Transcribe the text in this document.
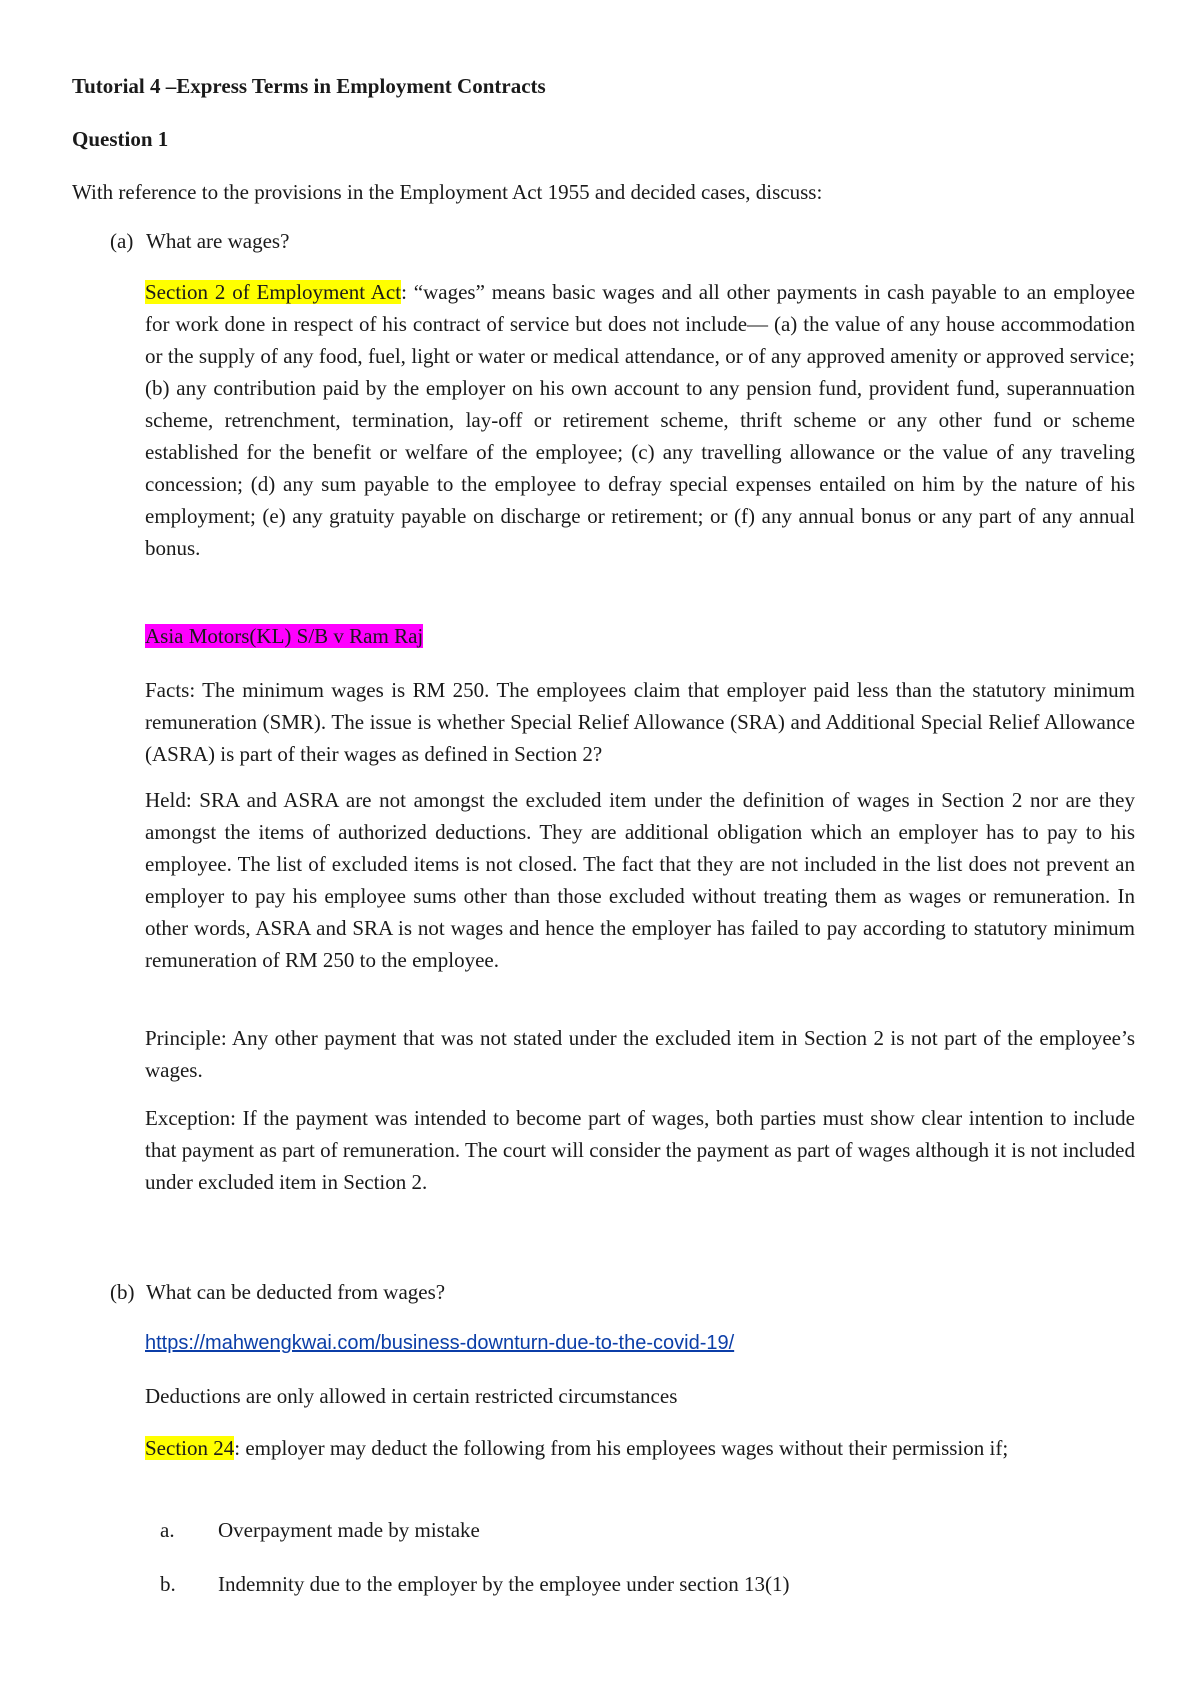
Tutorial 4 –Express Terms in Employment Contracts
Question 1
With reference to the provisions in the Employment Act 1955 and decided cases, discuss:
(a) What are wages?
Section 2 of Employment Act: “wages” means basic wages and all other payments in cash payable to an employee for work done in respect of his contract of service but does not include— (a) the value of any house accommodation or the supply of any food, fuel, light or water or medical attendance, or of any approved amenity or approved service; (b) any contribution paid by the employer on his own account to any pension fund, provident fund, superannuation scheme, retrenchment, termination, lay-off or retirement scheme, thrift scheme or any other fund or scheme established for the benefit or welfare of the employee; (c) any travelling allowance or the value of any traveling concession; (d) any sum payable to the employee to defray special expenses entailed on him by the nature of his employment; (e) any gratuity payable on discharge or retirement; or (f) any annual bonus or any part of any annual bonus.
Asia Motors(KL) S/B v Ram Raj
Facts: The minimum wages is RM 250. The employees claim that employer paid less than the statutory minimum remuneration (SMR). The issue is whether Special Relief Allowance (SRA) and Additional Special Relief Allowance (ASRA) is part of their wages as defined in Section 2?
Held: SRA and ASRA are not amongst the excluded item under the definition of wages in Section 2 nor are they amongst the items of authorized deductions. They are additional obligation which an employer has to pay to his employee. The list of excluded items is not closed. The fact that they are not included in the list does not prevent an employer to pay his employee sums other than those excluded without treating them as wages or remuneration. In other words, ASRA and SRA is not wages and hence the employer has failed to pay according to statutory minimum remuneration of RM 250 to the employee.
Principle: Any other payment that was not stated under the excluded item in Section 2 is not part of the employee’s wages.
Exception: If the payment was intended to become part of wages, both parties must show clear intention to include that payment as part of remuneration. The court will consider the payment as part of wages although it is not included under excluded item in Section 2.
(b) What can be deducted from wages?
https://mahwengkwai.com/business-downturn-due-to-the-covid-19/
Deductions are only allowed in certain restricted circumstances
Section 24: employer may deduct the following from his employees wages without their permission if;
a. Overpayment made by mistake
b. Indemnity due to the employer by the employee under section 13(1)
